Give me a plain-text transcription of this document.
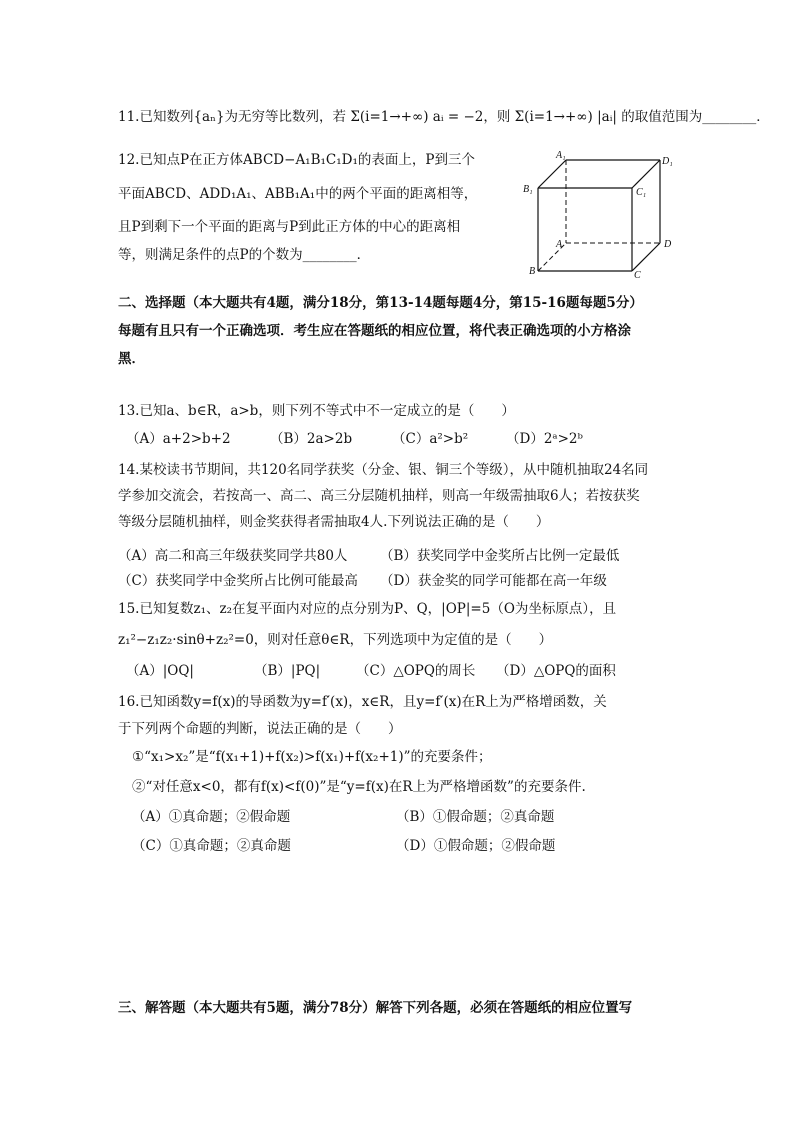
11.已知数列{aₙ}为无穷等比数列，若 Σ(i=1→+∞) aᵢ = −2，则 Σ(i=1→+∞) |aᵢ| 的取值范围为________．
12.已知点P在正方体ABCD−A₁B₁C₁D₁的表面上，P到三个
平面ABCD、ADD₁A₁、ABB₁A₁中的两个平面的距离相等，
且P到剩下一个平面的距离与P到此正方体的中心的距离相
等，则满足条件的点P的个数为________．
A₁
D₁
B₁	C₁
A	D
B	C
二、选择题（本大题共有4题，满分18分，第13-14题每题4分，第15-16题每题5分）
每题有且只有一个正确选项．考生应在答题纸的相应位置，将代表正确选项的小方格涂
黑．
13.已知a、b∈R，a>b，则下列不等式中不一定成立的是（　　）
（A）a+2>b+2	（B）2a>2b	（C）a²>b²	（D）2ᵃ>2ᵇ
14.某校读书节期间，共120名同学获奖（分金、银、铜三个等级），从中随机抽取24名同
学参加交流会，若按高一、高二、高三分层随机抽样，则高一年级需抽取6人；若按获奖
等级分层随机抽样，则金奖获得者需抽取4人.下列说法正确的是（　　）
（A）高二和高三年级获奖同学共80人 （B）获奖同学中金奖所占比例一定最低
（C）获奖同学中金奖所占比例可能最高 （D）获金奖的同学可能都在高一年级
15.已知复数z₁、z₂在复平面内对应的点分别为P、Q，|OP|=5（O为坐标原点），且
z₁²−z₁z₂·sinθ+z₂²=0，则对任意θ∈R，下列选项中为定值的是（　　）
（A）|OQ|	（B）|PQ|	（C）△OPQ的周长 （D）△OPQ的面积
16.已知函数y=f(x)的导函数为y=f′(x)，x∈R，且y=f′(x)在R上为严格增函数，关
于下列两个命题的判断，说法正确的是（　　）
①“x₁>x₂”是“f(x₁+1)+f(x₂)>f(x₁)+f(x₂+1)”的充要条件；
②“对任意x<0，都有f(x)<f(0)”是“y=f(x)在R上为严格增函数”的充要条件.
（A）①真命题；②假命题	（B）①假命题；②真命题
（C）①真命题；②真命题	（D）①假命题；②假命题
三、解答题（本大题共有5题，满分78分）解答下列各题，必须在答题纸的相应位置写
